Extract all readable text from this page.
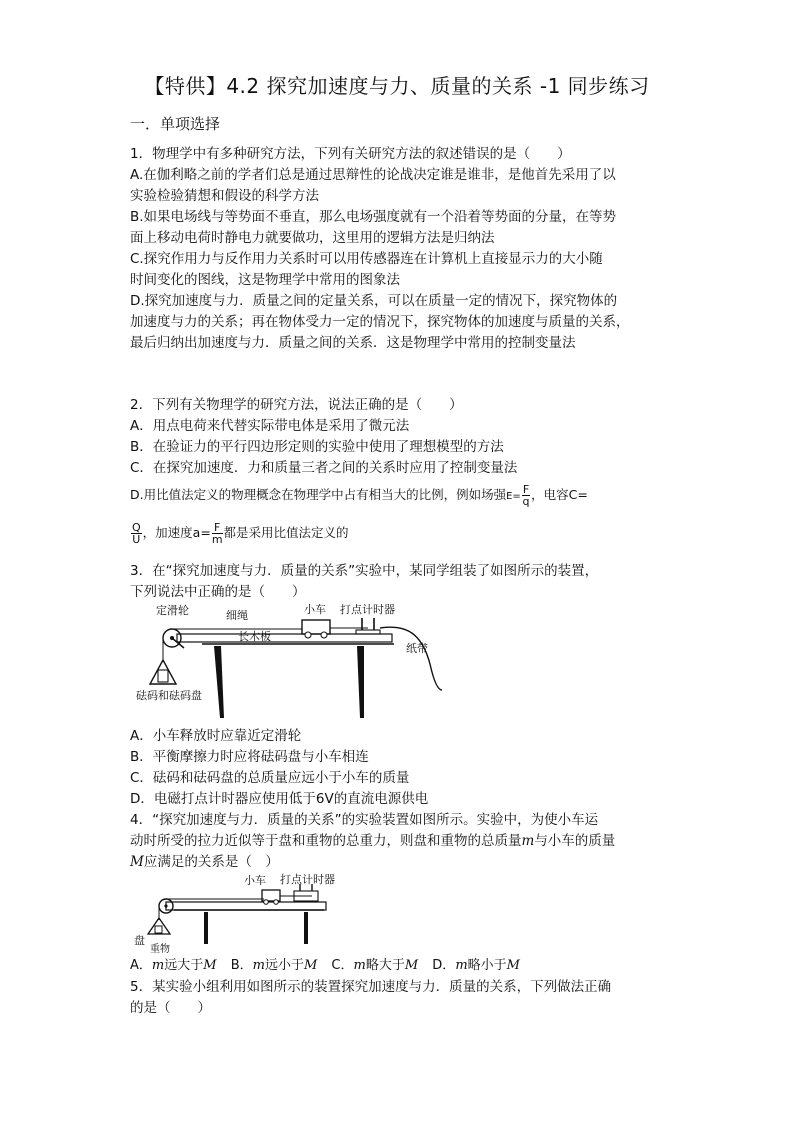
【特供】4.2 探究加速度与力、质量的关系 -1 同步练习
一．单项选择
1．物理学中有多种研究方法，下列有关研究方法的叙述错误的是（　　）
A.在伽利略之前的学者们总是通过思辩性的论战决定谁是谁非，是他首先采用了以
实验检验猜想和假设的科学方法
B.如果电场线与等势面不垂直，那么电场强度就有一个沿着等势面的分量，在等势
面上移动电荷时静电力就要做功，这里用的逻辑方法是归纳法
C.探究作用力与反作用力关系时可以用传感器连在计算机上直接显示力的大小随
时间变化的图线，这是物理学中常用的图象法
D.探究加速度与力．质量之间的定量关系，可以在质量一定的情况下，探究物体的
加速度与力的关系；再在物体受力一定的情况下，探究物体的加速度与质量的关系，
最后归纳出加速度与力．质量之间的关系．这是物理学中常用的控制变量法
2．下列有关物理学的研究方法，说法正确的是（　　）
A．用点电荷来代替实际带电体是采用了微元法
B．在验证力的平行四边形定则的实验中使用了理想模型的方法
C．在探究加速度．力和质量三者之间的关系时应用了控制变量法
D.用比值法定义的物理概念在物理学中占有相当大的比例，例如场强$E= \frac{F}{q}$ ，电容C=
$\frac{Q}{U}$ ，加速度$a= \frac{F}{m}$ 都是采用比值法定义的
3．在“探究加速度与力．质量的关系”实验中，某同学组装了如图所示的装置，
下列说法中正确的是（　　）
定滑轮	细绳	小车 打点计时器
长木板
纸带
砝码和砝码盘
A．小车释放时应靠近定滑轮
B．平衡摩擦力时应将砝码盘与小车相连
C．砝码和砝码盘的总质量应远小于小车的质量
D．电磁打点计时器应使用低于6V的直流电源供电
4．“探究加速度与力．质量的关系”的实验装置如图所示。实验中，为使小车运
动时所受的拉力近似等于盘和重物的总重力，则盘和重物的总质量m与小车的质量
M应满足的关系是（　）
小车 打点计时器
盘
重物
A．m远大于M B．m远小于M C．m略大于M D．m略小于M
5．某实验小组利用如图所示的装置探究加速度与力．质量的关系，下列做法正确
的是（　　）
